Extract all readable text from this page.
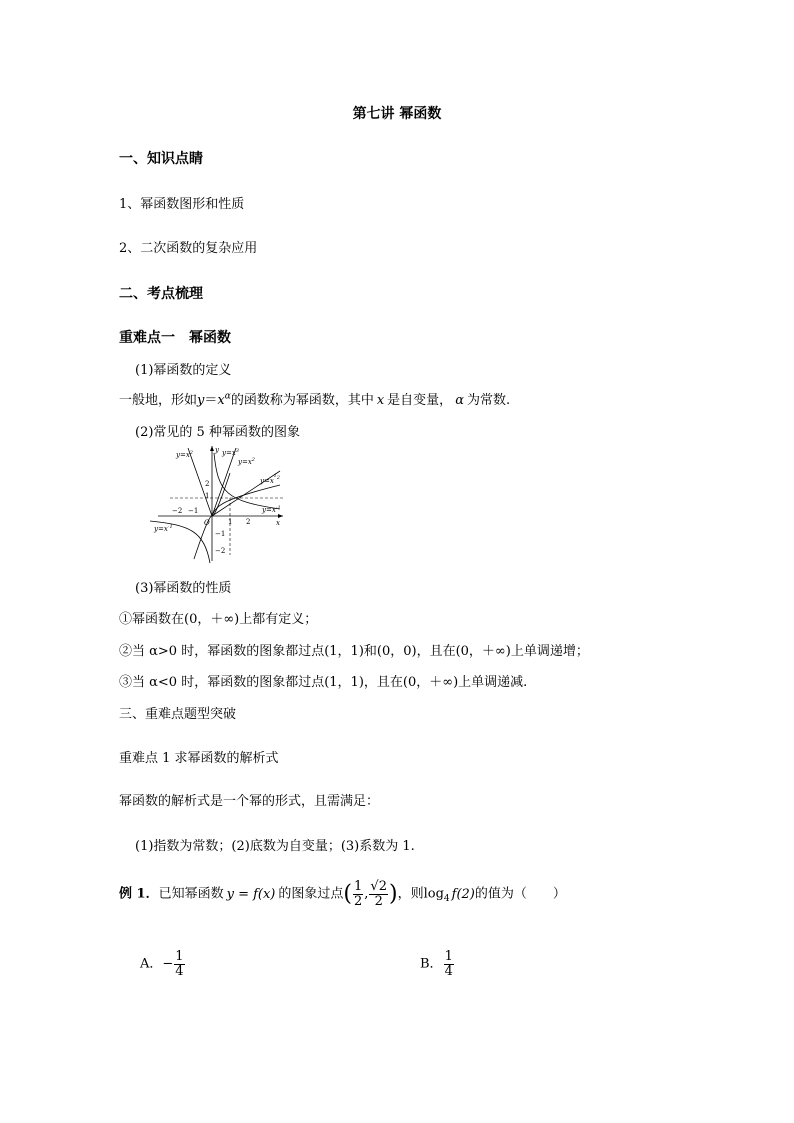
第七讲 幂函数
一、知识点睛
1、幂函数图形和性质
2、二次函数的复杂应用
二、考点梳理
重难点一　幂函数
(1)幂函数的定义
一般地，形如$y=x^\alpha$的函数称为幂函数，其中 x 是自变量， α 为常数.
(2)常见的 5 种幂函数的图象
$y=x^2$	$y=x^3$
$y=x^2$
$y=x^1$ 2
$y=x^{-1}$
$y=x^{-1}$
−2 −1
1 2
2
1
−1
−2
O	x
y
(3)幂函数的性质
①幂函数在(0，＋∞)上都有定义；
②当 α>0 时，幂函数的图象都过点(1，1)和(0，0)，且在(0，＋∞)上单调递增；
③当 α<0 时，幂函数的图象都过点(1，1)，且在(0，＋∞)上单调递减.
三、重难点题型突破
重难点 1 求幂函数的解析式
幂函数的解析式是一个幂的形式，且需满足：
(1)指数为常数；(2)底数为自变量；(3)系数为 1.
例 1．已知幂函数 y = f(x) 的图象过点( $\frac{1}{2}$ , $\frac{√2}{2}$ )，则$\log_4 f(2)$的值为（　　）
A．− $\frac{1}{4}$	B． $\frac{1}{4}$
